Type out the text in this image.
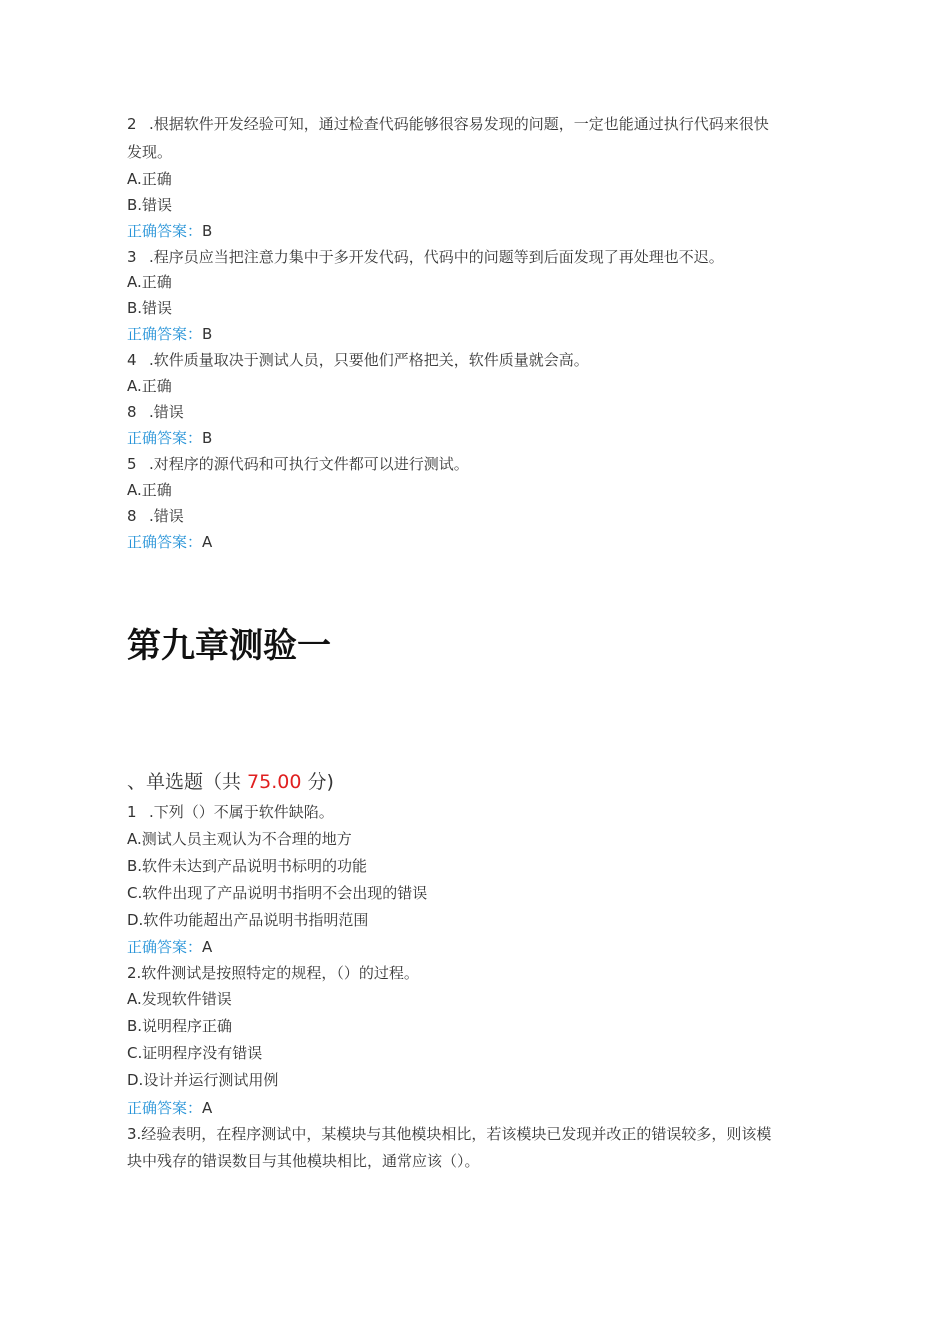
2 .根据软件开发经验可知，通过检查代码能够很容易发现的问题，一定也能通过执行代码来很快
发现。
A.正确
B.错误
正确答案：B
3 .程序员应当把注意力集中于多开发代码，代码中的问题等到后面发现了再处理也不迟。
A.正确
B.错误
正确答案：B
4 .软件质量取决于测试人员，只要他们严格把关，软件质量就会高。
A.正确
8 .错误
正确答案：B
5 .对程序的源代码和可执行文件都可以进行测试。
A.正确
8 .错误
正确答案：A
第九章测验一
、单选题（共 75.00 分)
1 .下列（）不属于软件缺陷。
A.测试人员主观认为不合理的地方
B.软件未达到产品说明书标明的功能
C.软件出现了产品说明书指明不会出现的错误
D.软件功能超出产品说明书指明范围
正确答案：A
2.软件测试是按照特定的规程，（）的过程。
A.发现软件错误
B.说明程序正确
C.证明程序没有错误
D.设计并运行测试用例
正确答案：A
3.经验表明，在程序测试中，某模块与其他模块相比，若该模块已发现并改正的错误较多，则该模
块中残存的错误数目与其他模块相比，通常应该（）。
